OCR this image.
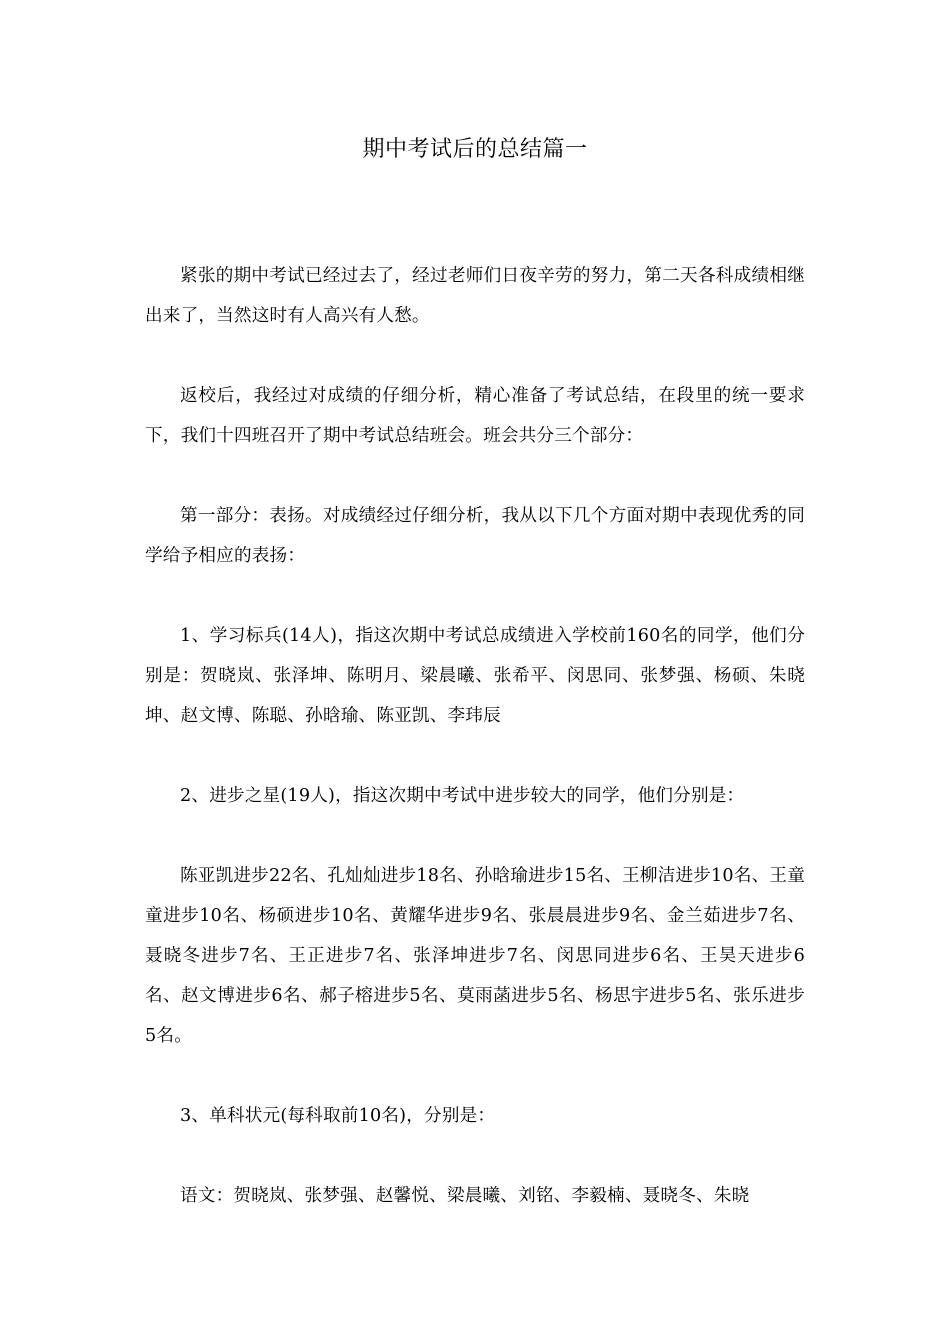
期中考试后的总结篇一

紧张的期中考试已经过去了，经过老师们日夜辛劳的努力，第二天各科成绩相继出来了，当然这时有人高兴有人愁。

返校后，我经过对成绩的仔细分析，精心准备了考试总结，在段里的统一要求下，我们十四班召开了期中考试总结班会。班会共分三个部分：

第一部分：表扬。对成绩经过仔细分析，我从以下几个方面对期中表现优秀的同学给予相应的表扬：

1、学习标兵(14人)，指这次期中考试总成绩进入学校前160名的同学，他们分别是：贺晓岚、张泽坤、陈明月、梁晨曦、张希平、闵思同、张梦强、杨硕、朱晓坤、赵文博、陈聪、孙晗瑜、陈亚凯、李玮辰

2、进步之星(19人)，指这次期中考试中进步较大的同学，他们分别是：

陈亚凯进步22名、孔灿灿进步18名、孙晗瑜进步15名、王柳洁进步10名、王童童进步10名、杨硕进步10名、黄耀华进步9名、张晨晨进步9名、金兰茹进步7名、聂晓冬进步7名、王正进步7名、张泽坤进步7名、闵思同进步6名、王昊天进步6名、赵文博进步6名、郝子榕进步5名、莫雨菡进步5名、杨思宇进步5名、张乐进步5名。

3、单科状元(每科取前10名)，分别是：

语文：贺晓岚、张梦强、赵馨悦、梁晨曦、刘铭、李毅楠、聂晓冬、朱晓
